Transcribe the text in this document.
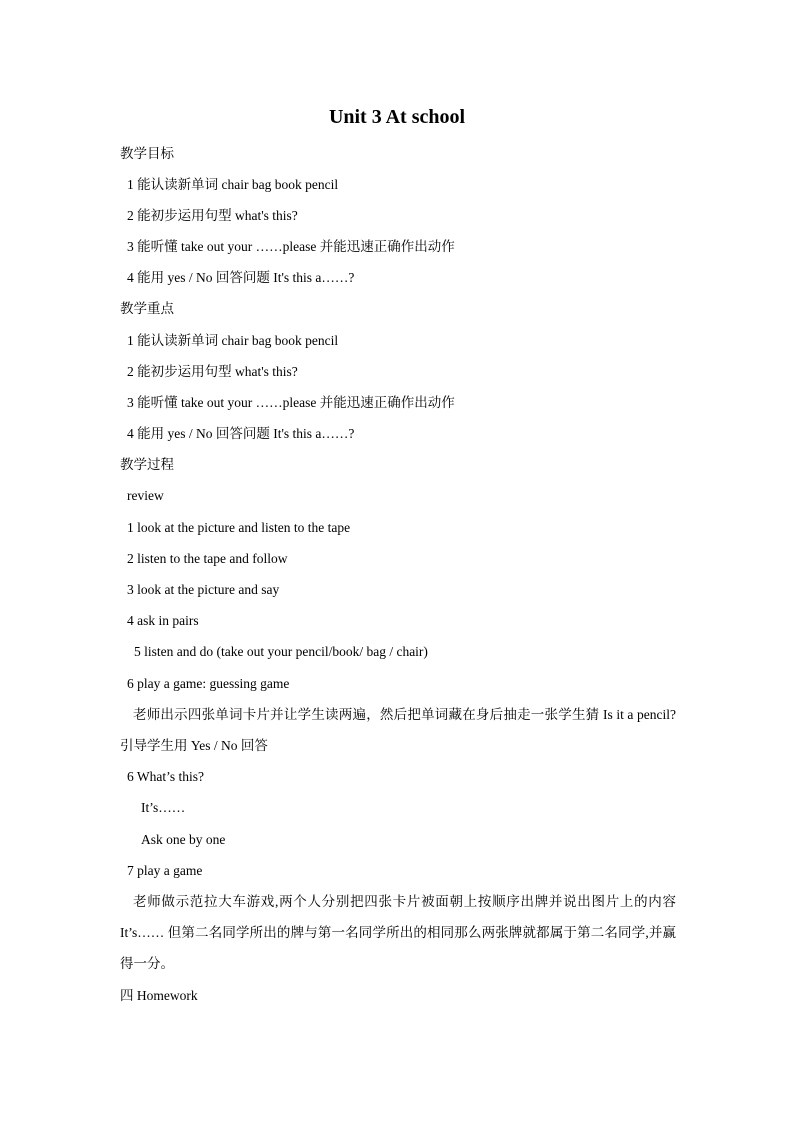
Unit 3 At school
教学目标
1 能认读新单词 chair bag book pencil
2 能初步运用句型 what's this?
3 能听懂 take out your ……please 并能迅速正确作出动作
4 能用 yes / No 回答问题 It's this a……?
教学重点
1 能认读新单词 chair bag book pencil
2 能初步运用句型 what's this?
3 能听懂 take out your ……please 并能迅速正确作出动作
4 能用 yes / No 回答问题 It's this a……?
教学过程
review
1 look at the picture and listen to the tape
2 listen to the tape and follow
3 look at the picture and say
4 ask in pairs
5 listen and do (take out your pencil/book/ bag / chair)
6 play a game: guessing game
老师出示四张单词卡片并让学生读两遍，然后把单词藏在身后抽走一张学生猜 Is it a pencil? 引导学生用 Yes / No 回答
6 What’s this?
It’s……
Ask one by one
7 play a game
老师做示范拉大车游戏,两个人分别把四张卡片被面朝上按顺序出牌并说出图片上的内容 It’s…… 但第二名同学所出的牌与第一名同学所出的相同那么两张牌就都属于第二名同学,并赢得一分。
四 Homework
